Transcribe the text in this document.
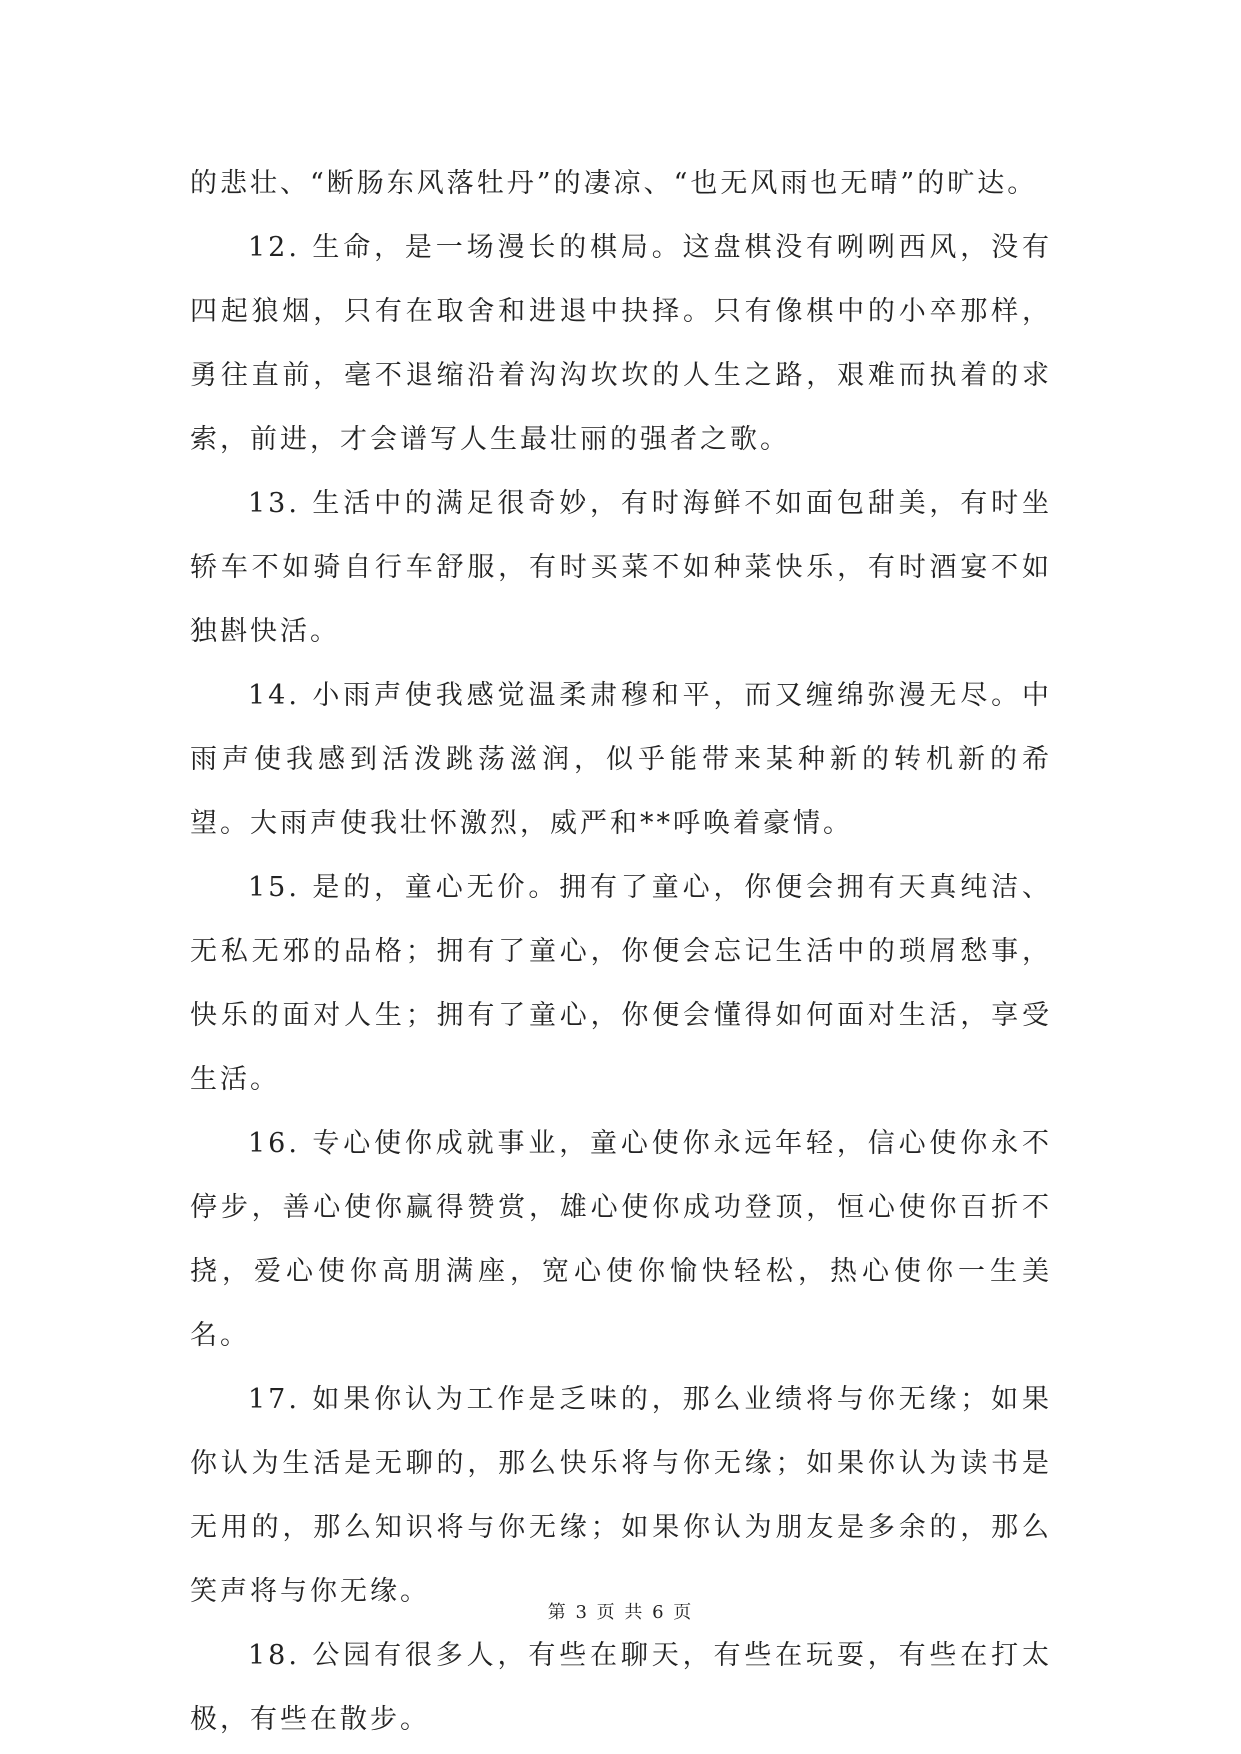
的悲壮、“断肠东风落牡丹”的凄凉、“也无风雨也无晴”的旷达。

12. 生命，是一场漫长的棋局。这盘棋没有咧咧西风，没有四起狼烟，只有在取舍和进退中抉择。只有像棋中的小卒那样，勇往直前，毫不退缩沿着沟沟坎坎的人生之路，艰难而执着的求索，前进，才会谱写人生最壮丽的强者之歌。

13. 生活中的满足很奇妙，有时海鲜不如面包甜美，有时坐轿车不如骑自行车舒服，有时买菜不如种菜快乐，有时酒宴不如独斟快活。

14. 小雨声使我感觉温柔肃穆和平，而又缠绵弥漫无尽。中雨声使我感到活泼跳荡滋润，似乎能带来某种新的转机新的希望。大雨声使我壮怀激烈，威严和**呼唤着豪情。

15. 是的，童心无价。拥有了童心，你便会拥有天真纯洁、无私无邪的品格；拥有了童心，你便会忘记生活中的琐屑愁事，快乐的面对人生；拥有了童心，你便会懂得如何面对生活，享受生活。

16. 专心使你成就事业，童心使你永远年轻，信心使你永不停步，善心使你赢得赞赏，雄心使你成功登顶，恒心使你百折不挠，爱心使你高朋满座，宽心使你愉快轻松，热心使你一生美名。

17. 如果你认为工作是乏味的，那么业绩将与你无缘；如果你认为生活是无聊的，那么快乐将与你无缘；如果你认为读书是无用的，那么知识将与你无缘；如果你认为朋友是多余的，那么笑声将与你无缘。

18. 公园有很多人，有些在聊天，有些在玩耍，有些在打太极，有些在散步。

第 3 页 共 6 页
